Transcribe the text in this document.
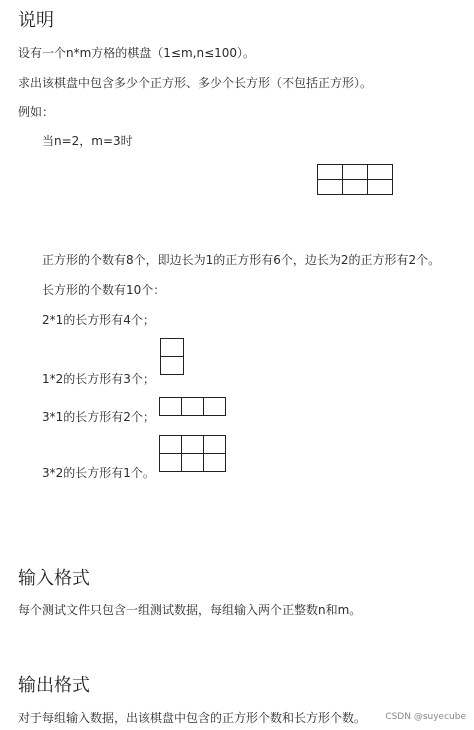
说明
设有一个n*m方格的棋盘（1≤m,n≤100）。
求出该棋盘中包含多少个正方形、多少个长方形（不包括正方形）。
例如：
当n=2，m=3时

正方形的个数有8个，即边长为1的正方形有6个，边长为2的正方形有2个。
长方形的个数有10个：
2*1的长方形有4个；

1*2的长方形有3个；

3*1的长方形有2个；

3*2的长方形有1个。
输入格式
每个测试文件只包含一组测试数据，每组输入两个正整数n和m。
输出格式
对于每组输入数据，出该棋盘中包含的正方形个数和长方形个数。 CSDN @suyecube
